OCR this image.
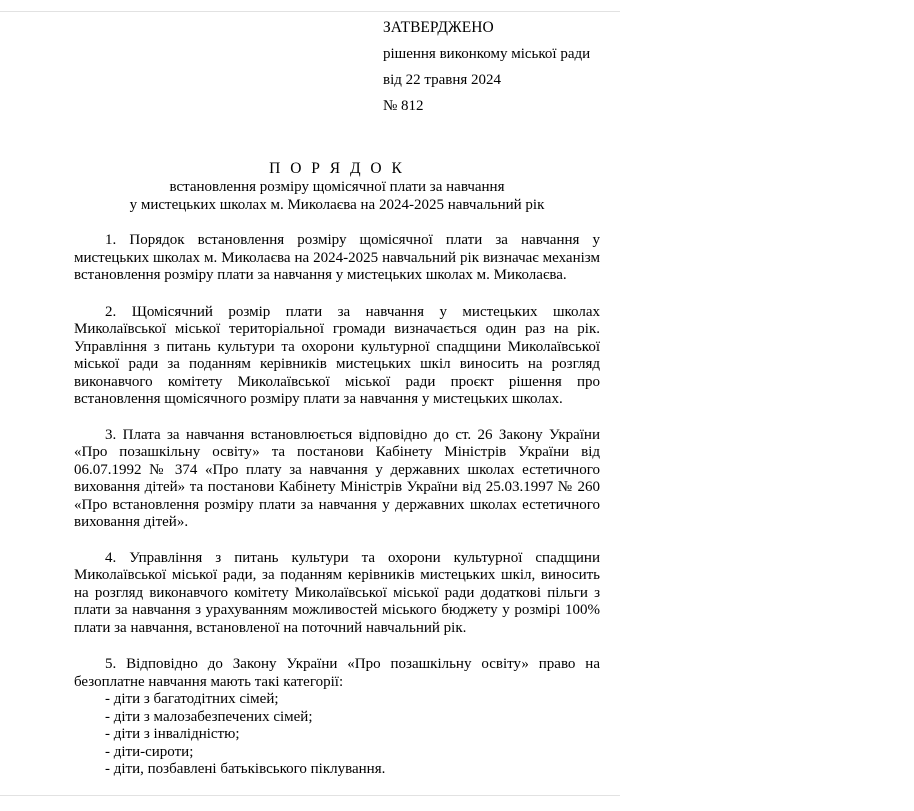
ЗАТВЕРДЖЕНО
рішення виконкому міської ради
від 22 травня 2024
№ 812
П О Р Я Д О К
встановлення розміру щомісячної плати за навчання
у мистецьких школах м. Миколаєва на 2024-2025 навчальний рік

1. Порядок встановлення розміру щомісячної плати за навчання у мистецьких школах м. Миколаєва на 2024-2025 навчальний рік визначає механізм встановлення розміру плати за навчання у мистецьких школах м. Миколаєва.

2. Щомісячний розмір плати за навчання у мистецьких школах Миколаївської міської територіальної громади визначається один раз на рік. Управління з питань культури та охорони культурної спадщини Миколаївської міської ради за поданням керівників мистецьких шкіл виносить на розгляд виконавчого комітету Миколаївської міської ради проєкт рішення про встановлення щомісячного розміру плати за навчання у мистецьких школах.

3. Плата за навчання встановлюється відповідно до ст. 26 Закону України «Про позашкільну освіту» та постанови Кабінету Міністрів України від 06.07.1992 № 374 «Про плату за навчання у державних школах естетичного виховання дітей» та постанови Кабінету Міністрів України від 25.03.1997 № 260 «Про встановлення розміру плати за навчання у державних школах естетичного виховання дітей».

4. Управління з питань культури та охорони культурної спадщини Миколаївської міської ради, за поданням керівників мистецьких шкіл, виносить на розгляд виконавчого комітету Миколаївської міської ради додаткові пільги з плати за навчання з урахуванням можливостей міського бюджету у розмірі 100% плати за навчання, встановленої на поточний навчальний рік.

5. Відповідно до Закону України «Про позашкільну освіту» право на безоплатне навчання мають такі категорії:

- діти з багатодітних сімей;
- діти з малозабезпечених сімей;
- діти з інвалідністю;
- діти-сироти;
- діти, позбавлені батьківського піклування.
